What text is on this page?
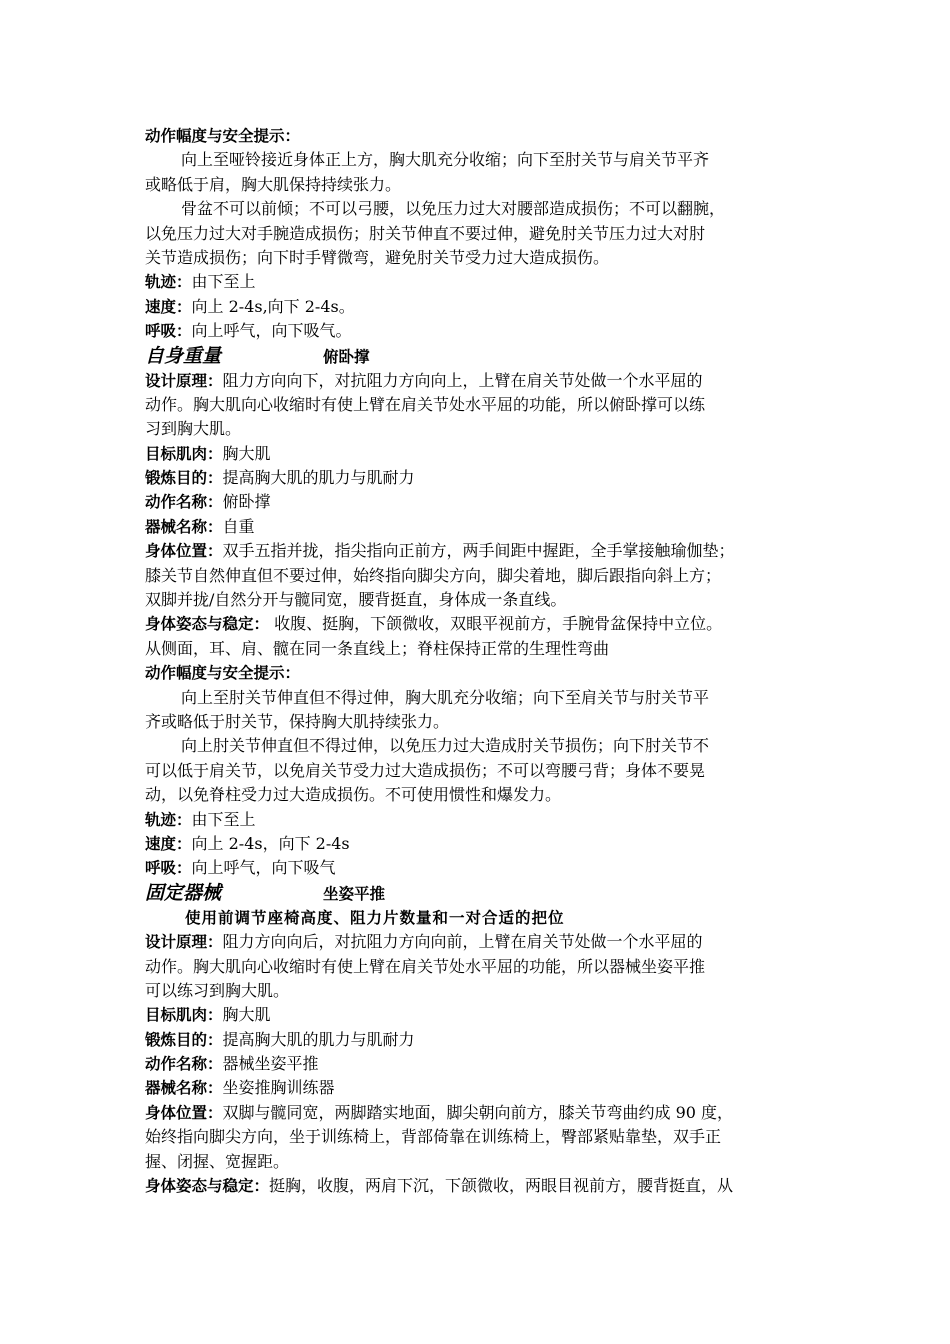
动作幅度与安全提示：
向上至哑铃接近身体正上方，胸大肌充分收缩；向下至肘关节与肩关节平齐
或略低于肩，胸大肌保持持续张力。
骨盆不可以前倾；不可以弓腰，以免压力过大对腰部造成损伤；不可以翻腕，
以免压力过大对手腕造成损伤；肘关节伸直不要过伸，避免肘关节压力过大对肘
关节造成损伤；向下时手臂微弯，避免肘关节受力过大造成损伤。
轨迹：由下至上
速度：向上 2-4s,向下 2-4s。
呼吸：向上呼气，向下吸气。
自身重量	俯卧撑
设计原理：阻力方向向下，对抗阻力方向向上，上臂在肩关节处做一个水平屈的
动作。胸大肌向心收缩时有使上臂在肩关节处水平屈的功能，所以俯卧撑可以练
习到胸大肌。
目标肌肉：胸大肌
锻炼目的：提高胸大肌的肌力与肌耐力
动作名称：俯卧撑
器械名称：自重
身体位置：双手五指并拢，指尖指向正前方，两手间距中握距，全手掌接触瑜伽垫；
膝关节自然伸直但不要过伸，始终指向脚尖方向，脚尖着地，脚后跟指向斜上方；
双脚并拢/自然分开与髋同宽，腰背挺直，身体成一条直线。
身体姿态与稳定： 收腹、挺胸，下颌微收，双眼平视前方，手腕骨盆保持中立位。
从侧面，耳、肩、髋在同一条直线上；脊柱保持正常的生理性弯曲
动作幅度与安全提示：
向上至肘关节伸直但不得过伸，胸大肌充分收缩；向下至肩关节与肘关节平
齐或略低于肘关节，保持胸大肌持续张力。
向上肘关节伸直但不得过伸，以免压力过大造成肘关节损伤；向下肘关节不
可以低于肩关节，以免肩关节受力过大造成损伤；不可以弯腰弓背；身体不要晃
动，以免脊柱受力过大造成损伤。不可使用惯性和爆发力。
轨迹：由下至上
速度：向上 2-4s，向下 2-4s
呼吸：向上呼气，向下吸气
固定器械	坐姿平推
使用前调节座椅高度、阻力片数量和一对合适的把位
设计原理：阻力方向向后，对抗阻力方向向前，上臂在肩关节处做一个水平屈的
动作。胸大肌向心收缩时有使上臂在肩关节处水平屈的功能，所以器械坐姿平推
可以练习到胸大肌。
目标肌肉：胸大肌
锻炼目的：提高胸大肌的肌力与肌耐力
动作名称：器械坐姿平推
器械名称：坐姿推胸训练器
身体位置：双脚与髋同宽，两脚踏实地面，脚尖朝向前方，膝关节弯曲约成 90 度，
始终指向脚尖方向，坐于训练椅上，背部倚靠在训练椅上，臀部紧贴靠垫，双手正
握、闭握、宽握距。
身体姿态与稳定：挺胸，收腹，两肩下沉，下颌微收，两眼目视前方，腰背挺直，从
